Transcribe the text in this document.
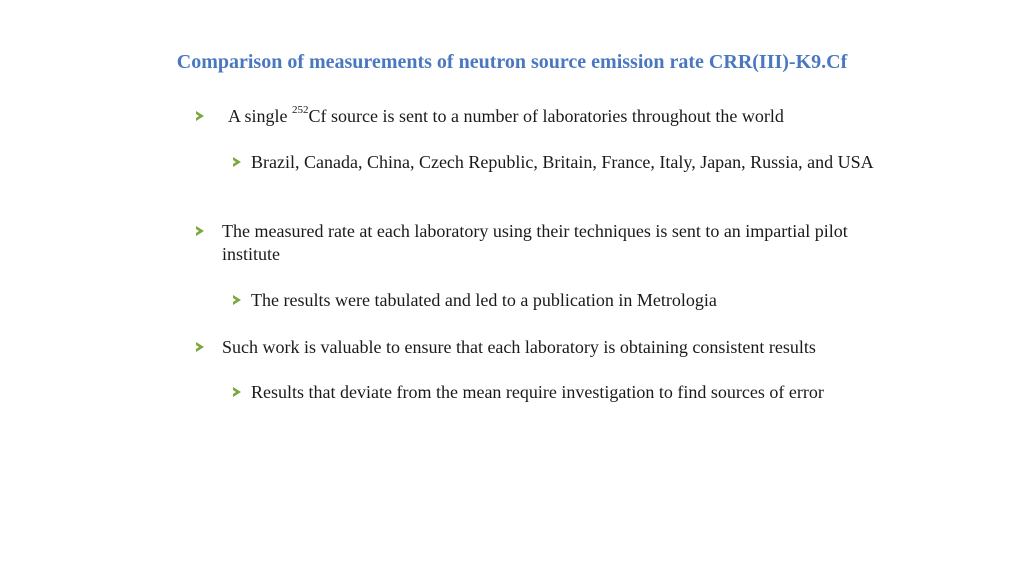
Comparison of measurements of neutron source emission rate CRR(III)-K9.Cf
A single $^{252}$Cf source is sent to a number of laboratories throughout the world
Brazil, Canada, China, Czech Republic, Britain, France, Italy, Japan, Russia, and USA
The measured rate at each laboratory using their techniques is sent to an impartial pilot institute
The results were tabulated and led to a publication in Metrologia
Such work is valuable to ensure that each laboratory is obtaining consistent results
Results that deviate from the mean require investigation to find sources of error
